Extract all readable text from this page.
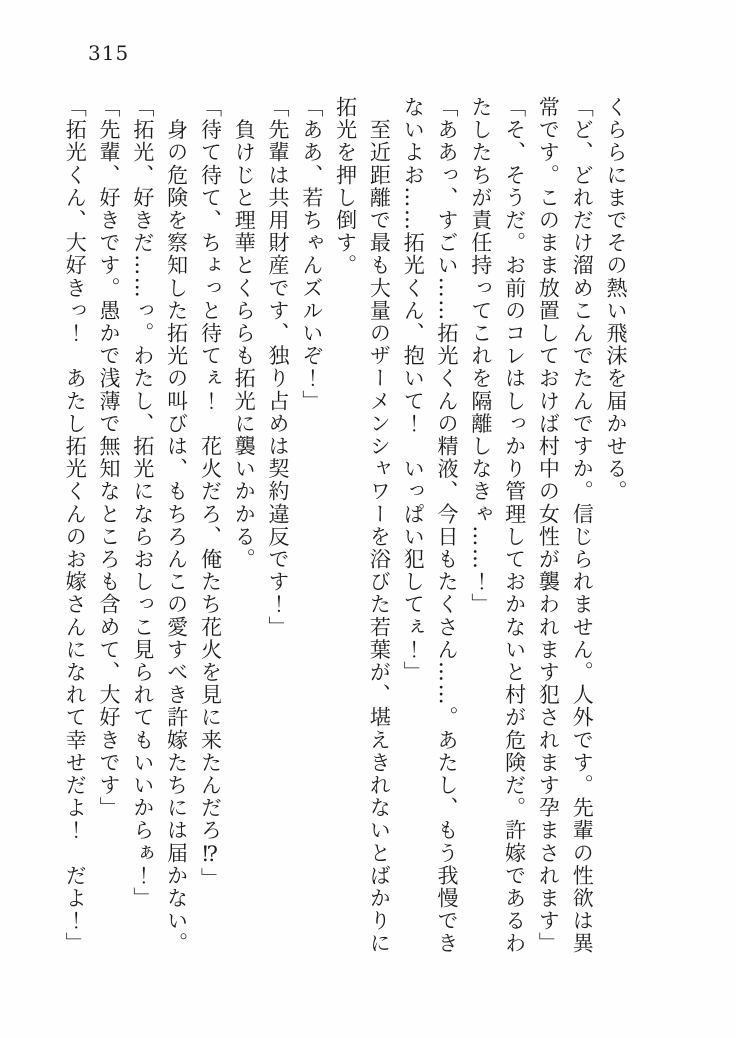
315
くららにまでその熱い飛沫を届かせる。
「ど、どれだけ溜めこんでたんですか。信じられません。人外です。先輩の性欲は異
常です。このまま放置しておけば村中の女性が襲われます犯されます孕まされます」
「そ、そうだ。お前のコレはしっかり管理しておかないと村が危険だ。許嫁であるわ
たしたちが責任持ってこれを隔離しなきゃ……！」
「ああっ、すごい……拓光くんの精液、今日もたくさん……。あたし、もう我慢でき
ないよお……拓光くん、抱いて！　いっぱい犯してぇ！」
　至近距離で最も大量のザーメンシャワーを浴びた若葉が、堪えきれないとばかりに
拓光を押し倒す。
「ああ、若ちゃんズルいぞ！」
「先輩は共用財産です、独り占めは契約違反です！」
　負けじと理華とくららも拓光に襲いかかる。
「待て待て、ちょっと待てぇ！　花火だろ、俺たち花火を見に来たんだろ⁉」
　身の危険を察知した拓光の叫びは、もちろんこの愛すべき許嫁たちには届かない。
「拓光、好きだ……っ。わたし、拓光にならおしっこ見られてもいいからぁ！」
「先輩、好きです。愚かで浅薄で無知なところも含めて、大好きです」
「拓光くん、大好きっ！　あたし拓光くんのお嫁さんになれて幸せだよ！　だよ！」
